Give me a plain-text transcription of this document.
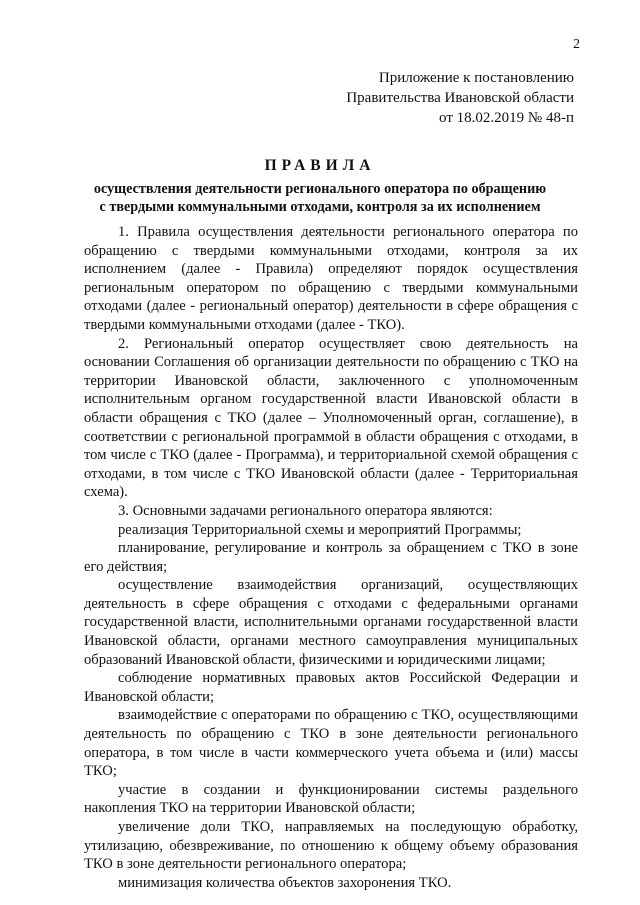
2
Приложение к постановлению
Правительства Ивановской области
от 18.02.2019 № 48-п
ПРАВИЛА
осуществления деятельности регионального оператора по обращению
с твердыми коммунальными отходами, контроля за их исполнением

1. Правила осуществления деятельности регионального оператора по обращению с твердыми коммунальными отходами, контроля за их исполнением (далее - Правила) определяют порядок осуществления региональным оператором по обращению с твердыми коммунальными отходами (далее - региональный оператор) деятельности в сфере обращения с твердыми коммунальными отходами (далее - ТКО).

2. Региональный оператор осуществляет свою деятельность на основании Соглашения об организации деятельности по обращению с ТКО на территории Ивановской области, заключенного с уполномоченным исполнительным органом государственной власти Ивановской области в области обращения с ТКО (далее – Уполномоченный орган, соглашение), в соответствии с региональной программой в области обращения с отходами, в том числе с ТКО (далее - Программа), и территориальной схемой обращения с отходами, в том числе с ТКО Ивановской области (далее - Территориальная схема).

3. Основными задачами регионального оператора являются:

реализация Территориальной схемы и мероприятий Программы;

планирование, регулирование и контроль за обращением с ТКО в зоне его действия;

осуществление взаимодействия организаций, осуществляющих деятельность в сфере обращения с отходами с федеральными органами государственной власти, исполнительными органами государственной власти Ивановской области, органами местного самоуправления муниципальных образований Ивановской области, физическими и юридическими лицами;

соблюдение нормативных правовых актов Российской Федерации и Ивановской области;

взаимодействие с операторами по обращению с ТКО, осуществляющими деятельность по обращению с ТКО в зоне деятельности регионального оператора, в том числе в части коммерческого учета объема и (или) массы ТКО;

участие в создании и функционировании системы раздельного накопления ТКО на территории Ивановской области;

увеличение доли ТКО, направляемых на последующую обработку, утилизацию, обезвреживание, по отношению к общему объему образования ТКО в зоне деятельности регионального оператора;

минимизация количества объектов захоронения ТКО.
